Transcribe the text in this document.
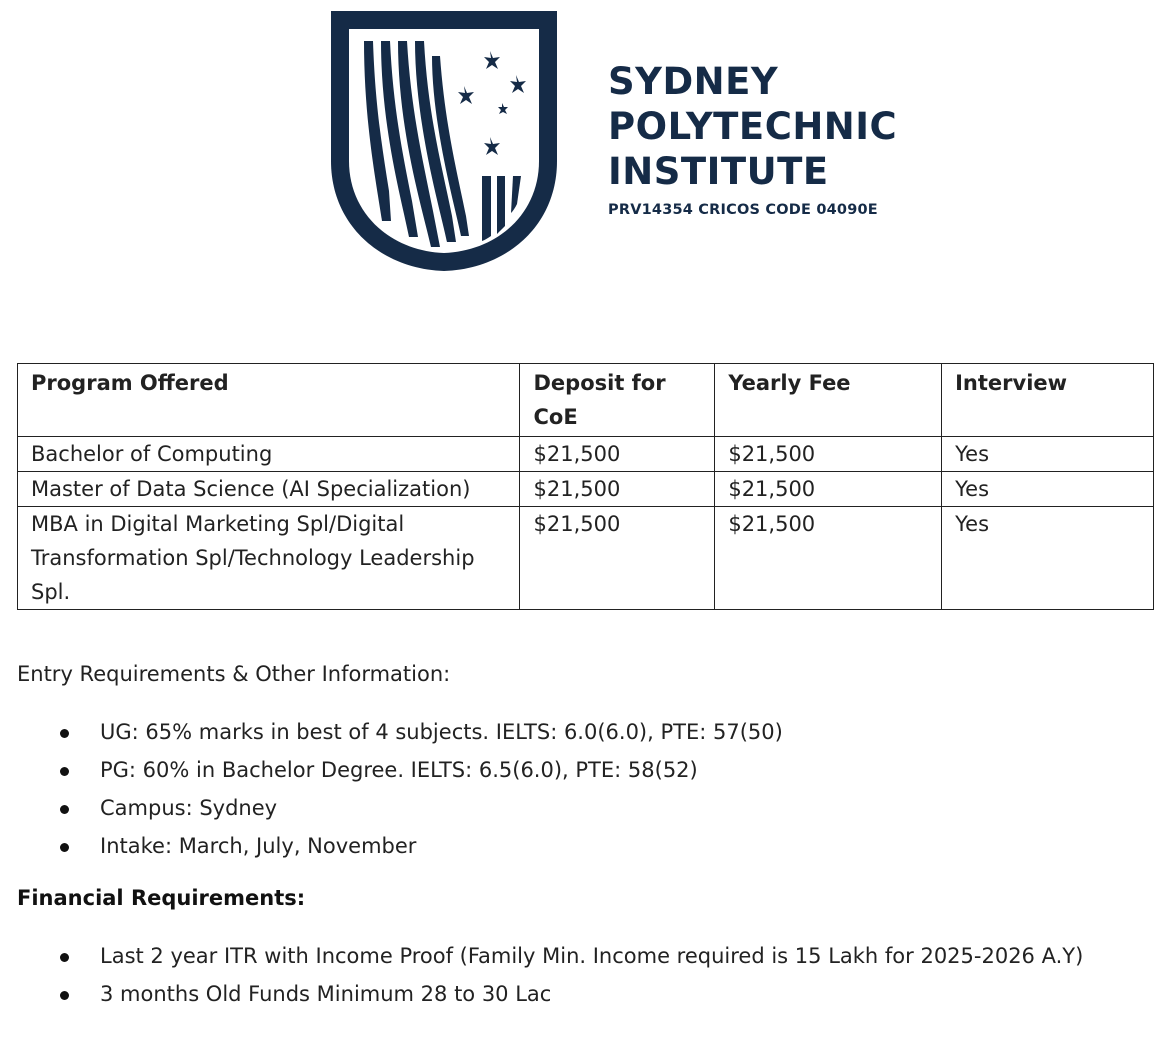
SYDNEY
POLYTECHNIC
INSTITUTE
PRV14354 CRICOS CODE 04090E
Program Offered	Deposit for CoE	Yearly Fee	Interview
Bachelor of Computing	$21,500	$21,500	Yes
Master of Data Science (AI Specialization)	$21,500	$21,500	Yes
MBA in Digital Marketing Spl/Digital Transformation Spl/Technology Leadership Spl.	$21,500	$21,500	Yes
Entry Requirements & Other Information:
UG: 65% marks in best of 4 subjects. IELTS: 6.0(6.0), PTE: 57(50)
PG: 60% in Bachelor Degree. IELTS: 6.5(6.0), PTE: 58(52)
Campus: Sydney
Intake: March, July, November
Financial Requirements:
Last 2 year ITR with Income Proof (Family Min. Income required is 15 Lakh for 2025-2026 A.Y)
3 months Old Funds Minimum 28 to 30 Lac
